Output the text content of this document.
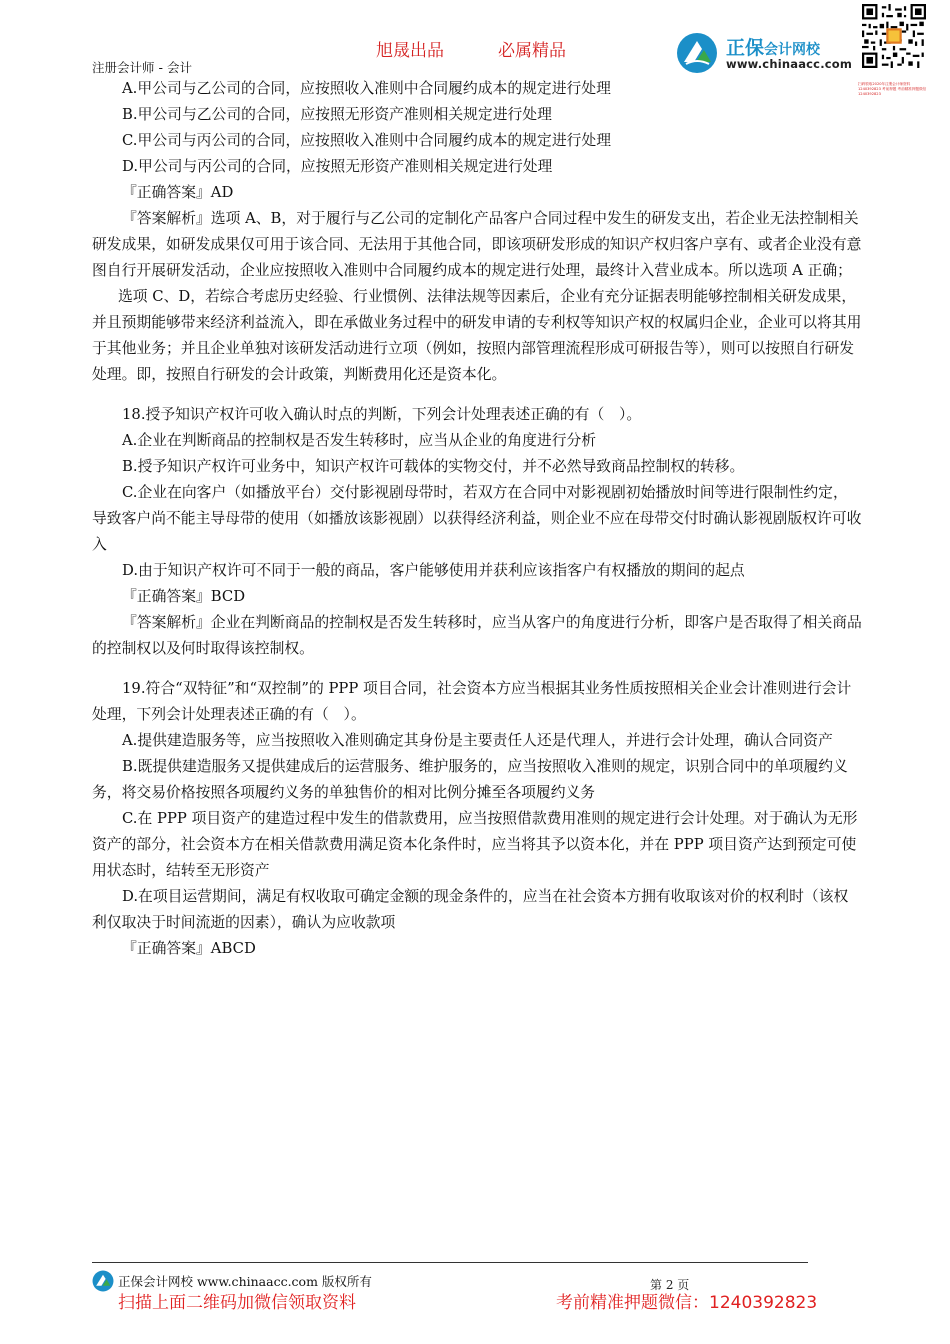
旭晟出品	必属精品
注册会计师 - 会计
正保会计网校
www.chinaacc.com
扫码领取2020年注册会计师资料 1240392823 考前押题 考前精准押题微信 1240392823

A.甲公司与乙公司的合同，应按照收入准则中合同履约成本的规定进行处理

B.甲公司与乙公司的合同，应按照无形资产准则相关规定进行处理

C.甲公司与丙公司的合同，应按照收入准则中合同履约成本的规定进行处理

D.甲公司与丙公司的合同，应按照无形资产准则相关规定进行处理

『正确答案』AD

『答案解析』选项 A、B，对于履行与乙公司的定制化产品客户合同过程中发生的研发支出，若企业无法控制相关研发成果，如研发成果仅可用于该合同、无法用于其他合同，即该项研发形成的知识产权归客户享有、或者企业没有意图自行开展研发活动，企业应按照收入准则中合同履约成本的规定进行处理，最终计入营业成本。所以选项 A 正确；

选项 C、D，若综合考虑历史经验、行业惯例、法律法规等因素后，企业有充分证据表明能够控制相关研发成果，并且预期能够带来经济利益流入，即在承做业务过程中的研发申请的专利权等知识产权的权属归企业，企业可以将其用于其他业务；并且企业单独对该研发活动进行立项（例如，按照内部管理流程形成可研报告等），则可以按照自行研发处理。即，按照自行研发的会计政策，判断费用化还是资本化。

18.授予知识产权许可收入确认时点的判断，下列会计处理表述正确的有（　）。

A.企业在判断商品的控制权是否发生转移时，应当从企业的角度进行分析

B.授予知识产权许可业务中，知识产权许可载体的实物交付，并不必然导致商品控制权的转移。

C.企业在向客户（如播放平台）交付影视剧母带时，若双方在合同中对影视剧初始播放时间等进行限制性约定，导致客户尚不能主导母带的使用（如播放该影视剧）以获得经济利益，则企业不应在母带交付时确认影视剧版权许可收入

D.由于知识产权许可不同于一般的商品，客户能够使用并获利应该指客户有权播放的期间的起点

『正确答案』BCD

『答案解析』企业在判断商品的控制权是否发生转移时，应当从客户的角度进行分析，即客户是否取得了相关商品的控制权以及何时取得该控制权。

19.符合“双特征”和“双控制”的 PPP 项目合同，社会资本方应当根据其业务性质按照相关企业会计准则进行会计处理，下列会计处理表述正确的有（　）。

A.提供建造服务等，应当按照收入准则确定其身份是主要责任人还是代理人，并进行会计处理，确认合同资产

B.既提供建造服务又提供建成后的运营服务、维护服务的，应当按照收入准则的规定，识别合同中的单项履约义务，将交易价格按照各项履约义务的单独售价的相对比例分摊至各项履约义务

C.在 PPP 项目资产的建造过程中发生的借款费用，应当按照借款费用准则的规定进行会计处理。对于确认为无形资产的部分，社会资本方在相关借款费用满足资本化条件时，应当将其予以资本化，并在 PPP 项目资产达到预定可使用状态时，结转至无形资产

D.在项目运营期间，满足有权收取可确定金额的现金条件的，应当在社会资本方拥有收取该对价的权利时（该权利仅取决于时间流逝的因素），确认为应收款项

『正确答案』ABCD

正保会计网校 www.chinaacc.com 版权所有	第 2 页
扫描上面二维码加微信领取资料	考前精准押题微信：1240392823
